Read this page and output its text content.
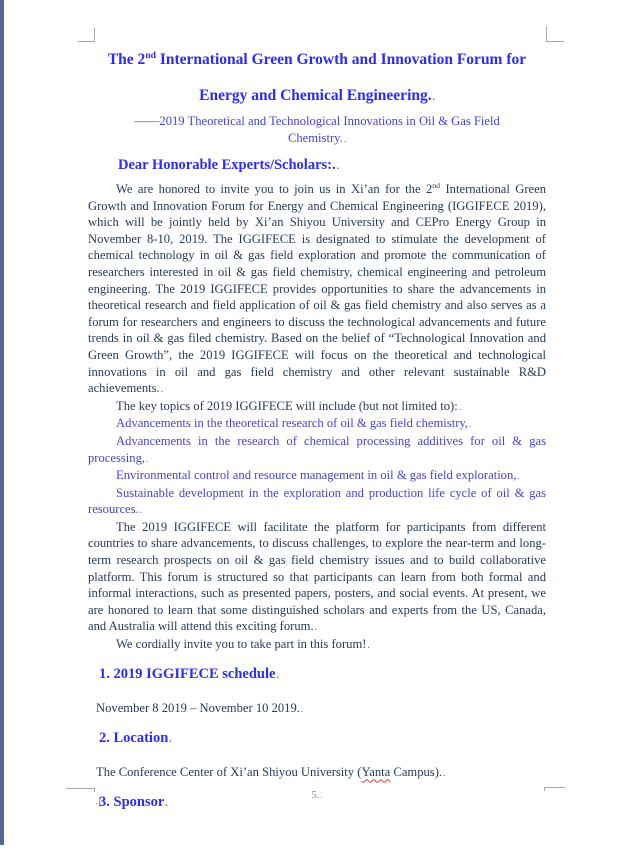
The 2nd International Green Growth and Innovation Forum for

Energy and Chemical Engineering..

——2019 Theoretical and Technological Innovations in Oil & Gas Field
Chemistry..

Dear Honorable Experts/Scholars:..

We are honored to invite you to join us in Xi’an for the 2nd International Green Growth and Innovation Forum for Energy and Chemical Engineering (IGGIFECE 2019), which will be jointly held by Xi’an Shiyou University and CEPro Energy Group in November 8-10, 2019. The IGGIFECE is designated to stimulate the development of chemical technology in oil & gas field exploration and promote the communication of researchers interested in oil & gas field chemistry, chemical engineering and petroleum engineering. The 2019 IGGIFECE provides opportunities to share the advancements in theoretical research and field application of oil & gas field chemistry and also serves as a forum for researchers and engineers to discuss the technological advancements and future trends in oil & gas filed chemistry. Based on the belief of “Technological Innovation and Green Growth”, the 2019 IGGIFECE will focus on the theoretical and technological innovations in oil and gas field chemistry and other relevant sustainable R&D achievements..

The key topics of 2019 IGGIFECE will include (but not limited to):.

Advancements in the theoretical research of oil & gas field chemistry,.

Advancements in the research of chemical processing additives for oil & gas processing,.

Environmental control and resource management in oil & gas field exploration,.

Sustainable development in the exploration and production life cycle of oil & gas resources..

The 2019 IGGIFECE will facilitate the platform for participants from different countries to share advancements, to discuss challenges, to explore the near-term and long-term research prospects on oil & gas field chemistry issues and to build collaborative platform. This forum is structured so that participants can learn from both formal and informal interactions, such as presented papers, posters, and social events. At present, we are honored to learn that some distinguished scholars and experts from the US, Canada, and Australia will attend this exciting forum..

We cordially invite you to take part in this forum!.

1. 2019 IGGIFECE schedule.

November 8 2019 – November 10 2019..

2. Location.

The Conference Center of Xi’an Shiyou University (Yanta Campus)..

3. Sponsor.

5..
.
